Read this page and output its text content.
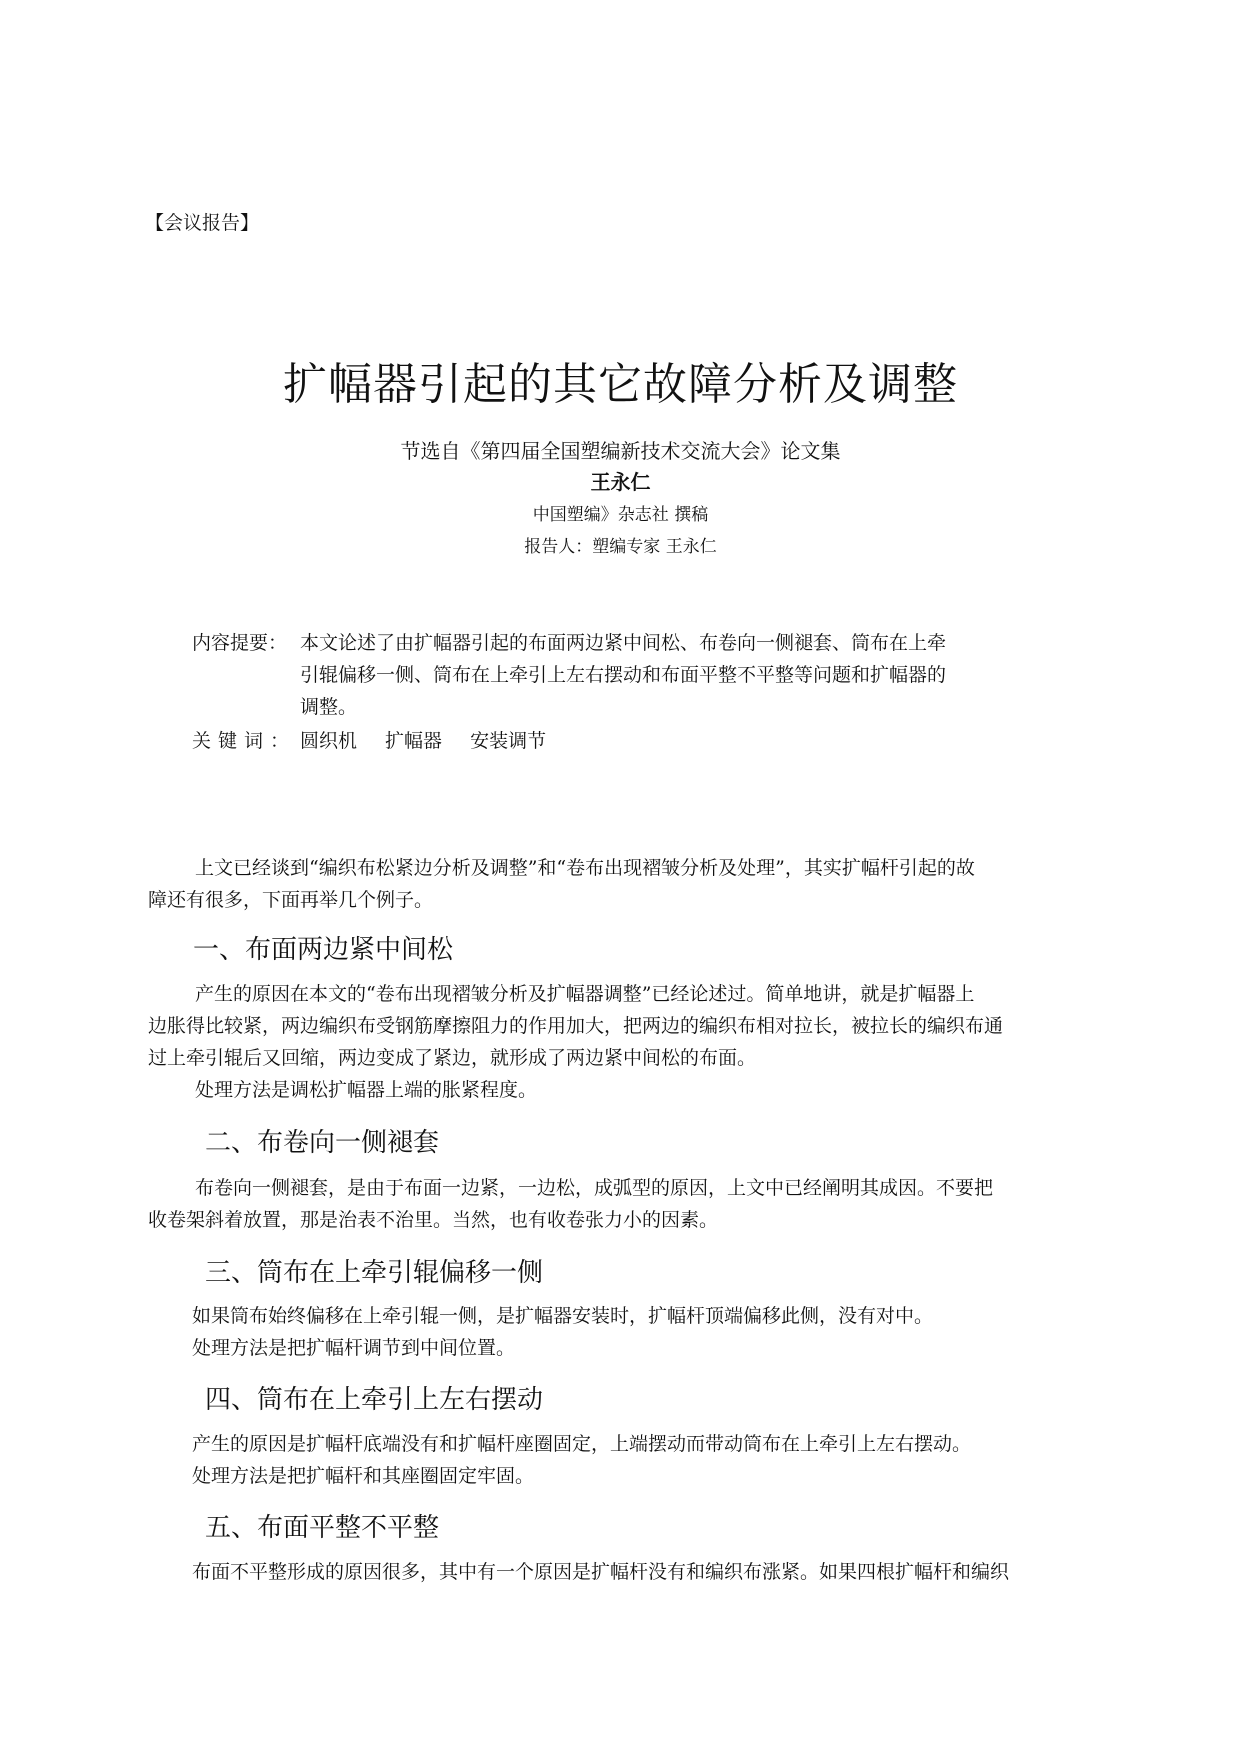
【会议报告】
扩幅器引起的其它故障分析及调整
节选自《第四届全国塑编新技术交流大会》论文集
王永仁
中国塑编》杂志社 撰稿
报告人：塑编专家 王永仁
内容提要： 本文论述了由扩幅器引起的布面两边紧中间松、布卷向一侧褪套、筒布在上牵
引辊偏移一侧、筒布在上牵引上左右摆动和布面平整不平整等问题和扩幅器的
调整。
关键词： 圆织机 扩幅器 安装调节
上文已经谈到“编织布松紧边分析及调整”和“卷布出现褶皱分析及处理”，其实扩幅杆引起的故
障还有很多，下面再举几个例子。
一、布面两边紧中间松
产生的原因在本文的“卷布出现褶皱分析及扩幅器调整”已经论述过。简单地讲，就是扩幅器上
边胀得比较紧，两边编织布受钢筋摩擦阻力的作用加大，把两边的编织布相对拉长，被拉长的编织布通
过上牵引辊后又回缩，两边变成了紧边，就形成了两边紧中间松的布面。
处理方法是调松扩幅器上端的胀紧程度。
二、布卷向一侧褪套
布卷向一侧褪套，是由于布面一边紧，一边松，成弧型的原因，上文中已经阐明其成因。不要把
收卷架斜着放置，那是治表不治里。当然，也有收卷张力小的因素。
三、筒布在上牵引辊偏移一侧
如果筒布始终偏移在上牵引辊一侧，是扩幅器安装时，扩幅杆顶端偏移此侧，没有对中。
处理方法是把扩幅杆调节到中间位置。
四、筒布在上牵引上左右摆动
产生的原因是扩幅杆底端没有和扩幅杆座圈固定，上端摆动而带动筒布在上牵引上左右摆动。
处理方法是把扩幅杆和其座圈固定牢固。
五、布面平整不平整
布面不平整形成的原因很多，其中有一个原因是扩幅杆没有和编织布涨紧。如果四根扩幅杆和编织
